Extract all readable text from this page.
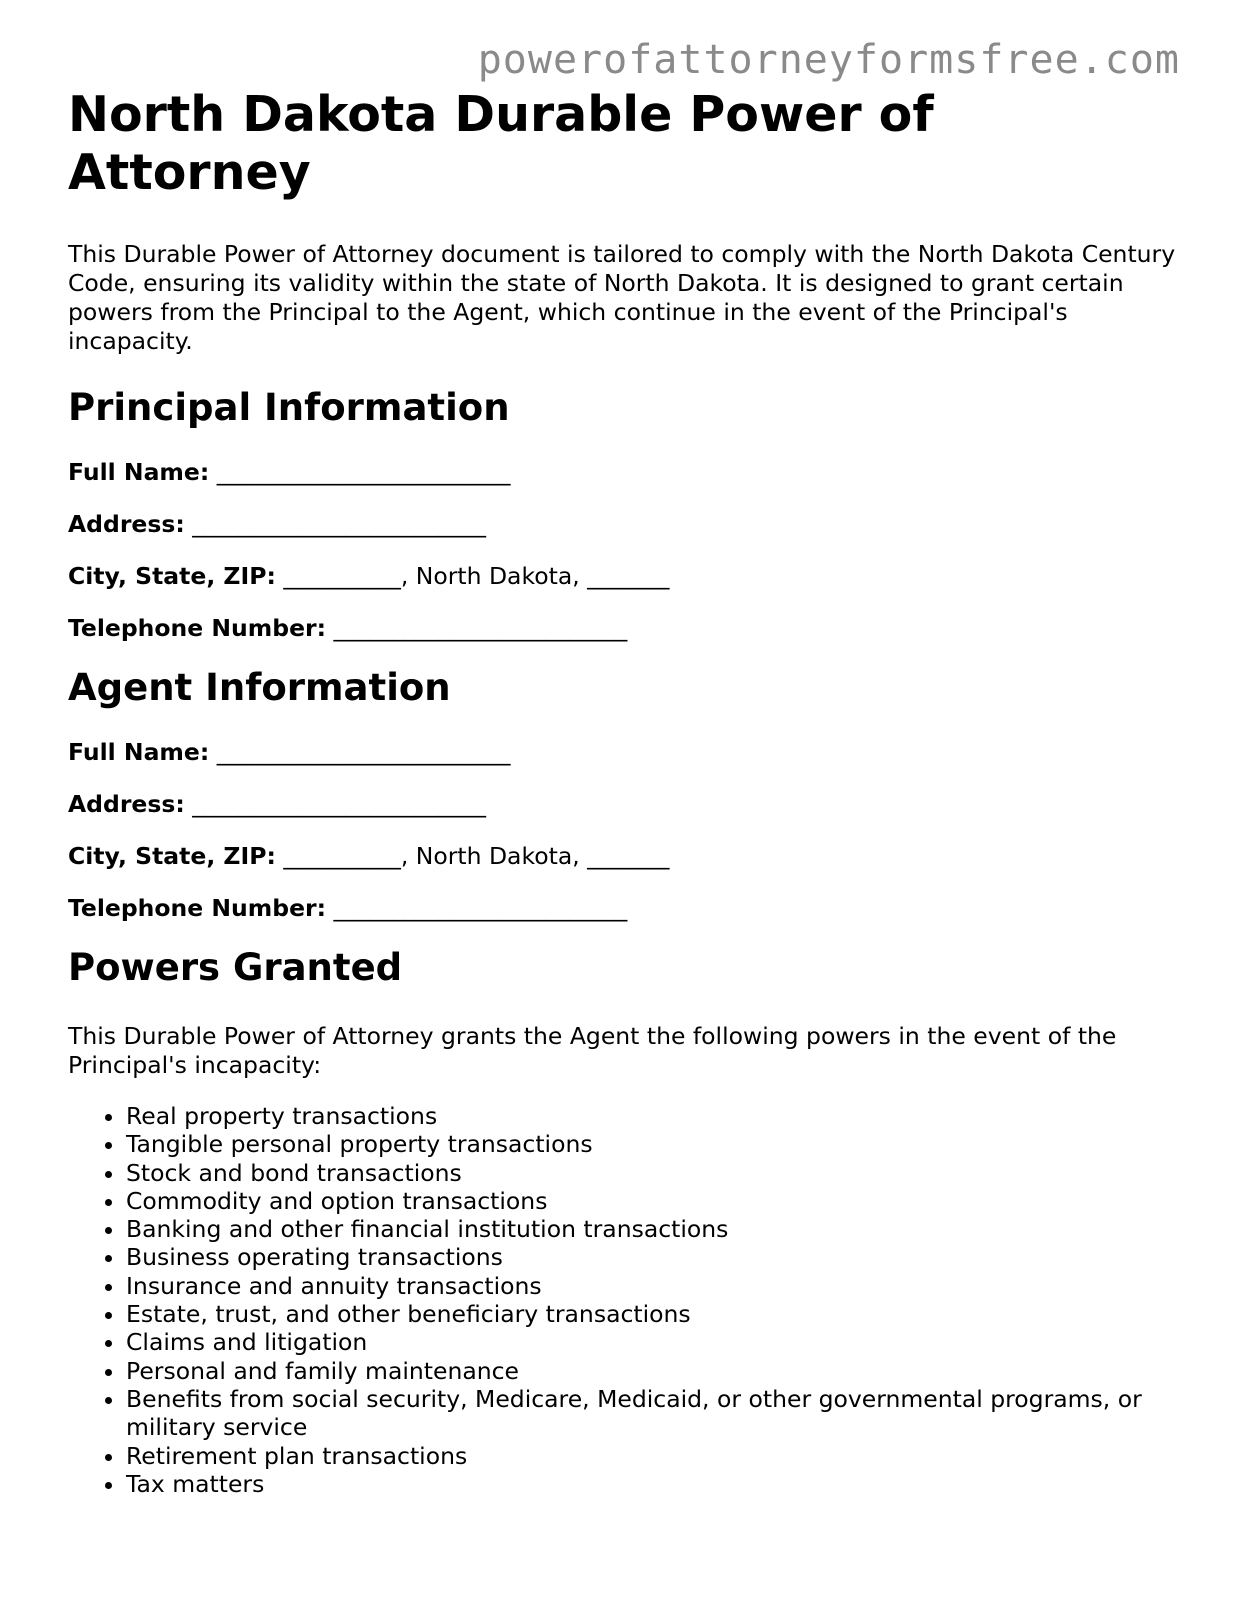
powerofattorneyformsfree.com
North Dakota Durable Power of Attorney

This Durable Power of Attorney document is tailored to comply with the North Dakota Century Code, ensuring its validity within the state of North Dakota. It is designed to grant certain powers from the Principal to the Agent, which continue in the event of the Principal's incapacity.

Principal Information
Full Name: _________________________
Address: _________________________
City, State, ZIP: __________, North Dakota, _______
Telephone Number: _________________________
Agent Information
Full Name: _________________________
Address: _________________________
City, State, ZIP: __________, North Dakota, _______
Telephone Number: _________________________
Powers Granted

This Durable Power of Attorney grants the Agent the following powers in the event of the Principal's incapacity:

• Real property transactions
• Tangible personal property transactions
• Stock and bond transactions
• Commodity and option transactions
• Banking and other financial institution transactions
• Business operating transactions
• Insurance and annuity transactions
• Estate, trust, and other beneficiary transactions
• Claims and litigation
• Personal and family maintenance
• Benefits from social security, Medicare, Medicaid, or other governmental programs, or military service
• Retirement plan transactions
• Tax matters
